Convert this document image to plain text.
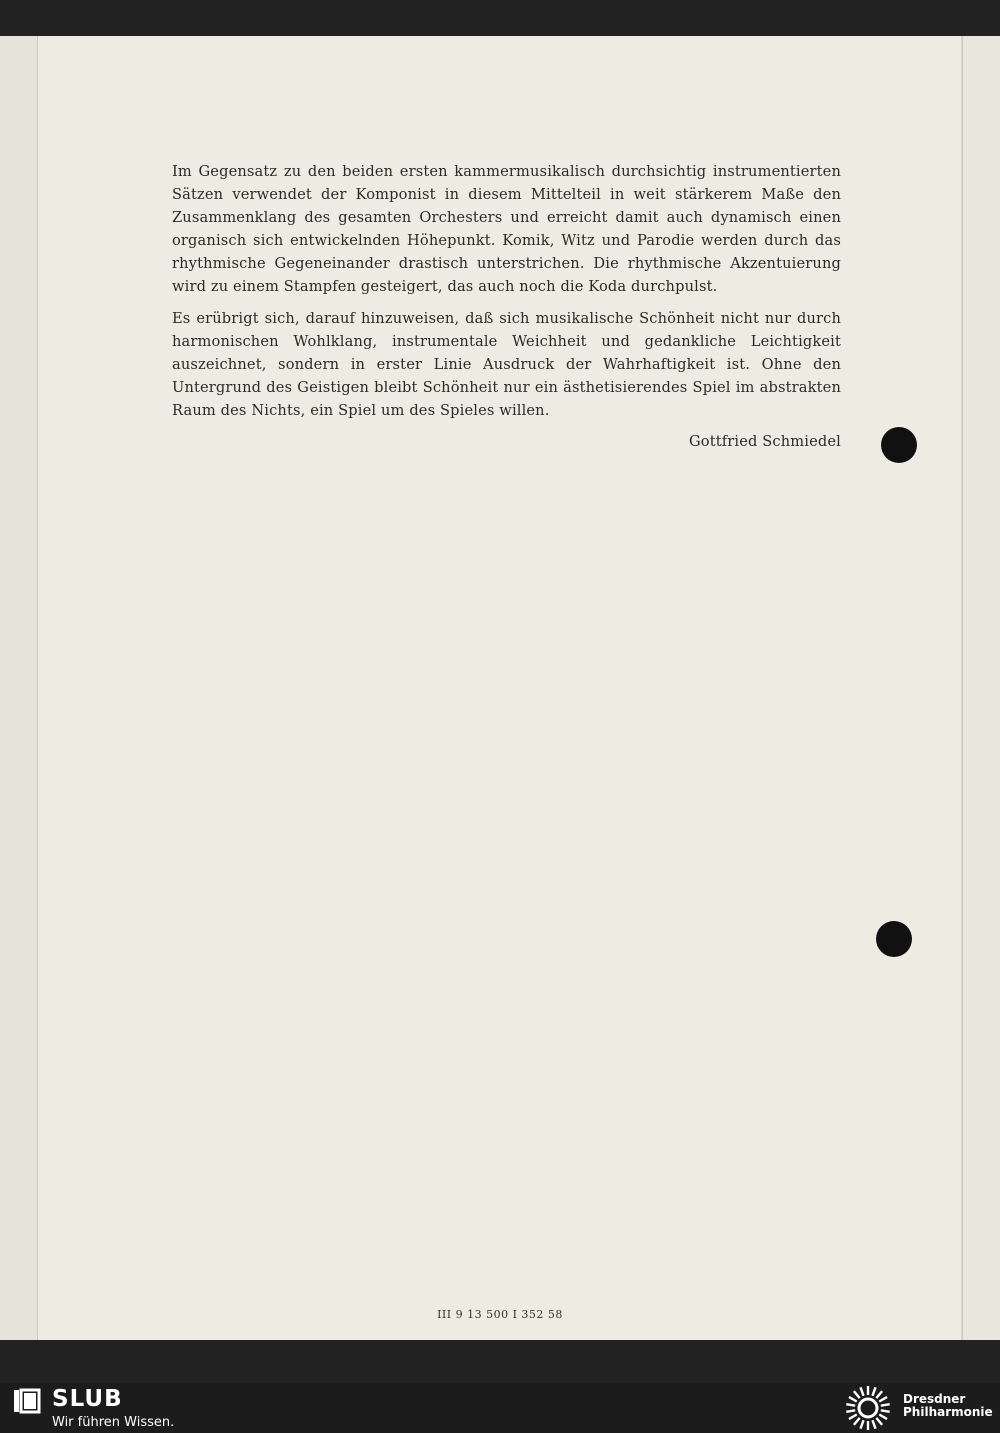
Im Gegensatz zu den beiden ersten kammermusikalisch durchsichtig instrumentierten Sätzen verwendet der Komponist in diesem Mittelteil in weit stärkerem Maße den Zusammenklang des gesamten Orchesters und erreicht damit auch dynamisch einen organisch sich entwickelnden Höhepunkt. Komik, Witz und Parodie werden durch das rhythmische Gegeneinander drastisch unterstrichen. Die rhythmische Akzentuierung wird zu einem Stampfen gesteigert, das auch noch die Koda durchpulst.

Es erübrigt sich, darauf hinzuweisen, daß sich musikalische Schönheit nicht nur durch harmonischen Wohlklang, instrumentale Weichheit und gedankliche Leichtigkeit auszeichnet, sondern in erster Linie Ausdruck der Wahrhaftigkeit ist. Ohne den Untergrund des Geistigen bleibt Schönheit nur ein ästhetisierendes Spiel im abstrakten Raum des Nichts, ein Spiel um des Spieles willen.

Gottfried Schmiedel
III 9 13 500 I 352 58
SLUB
Wir führen Wissen.
Dresdner
Philharmonie
